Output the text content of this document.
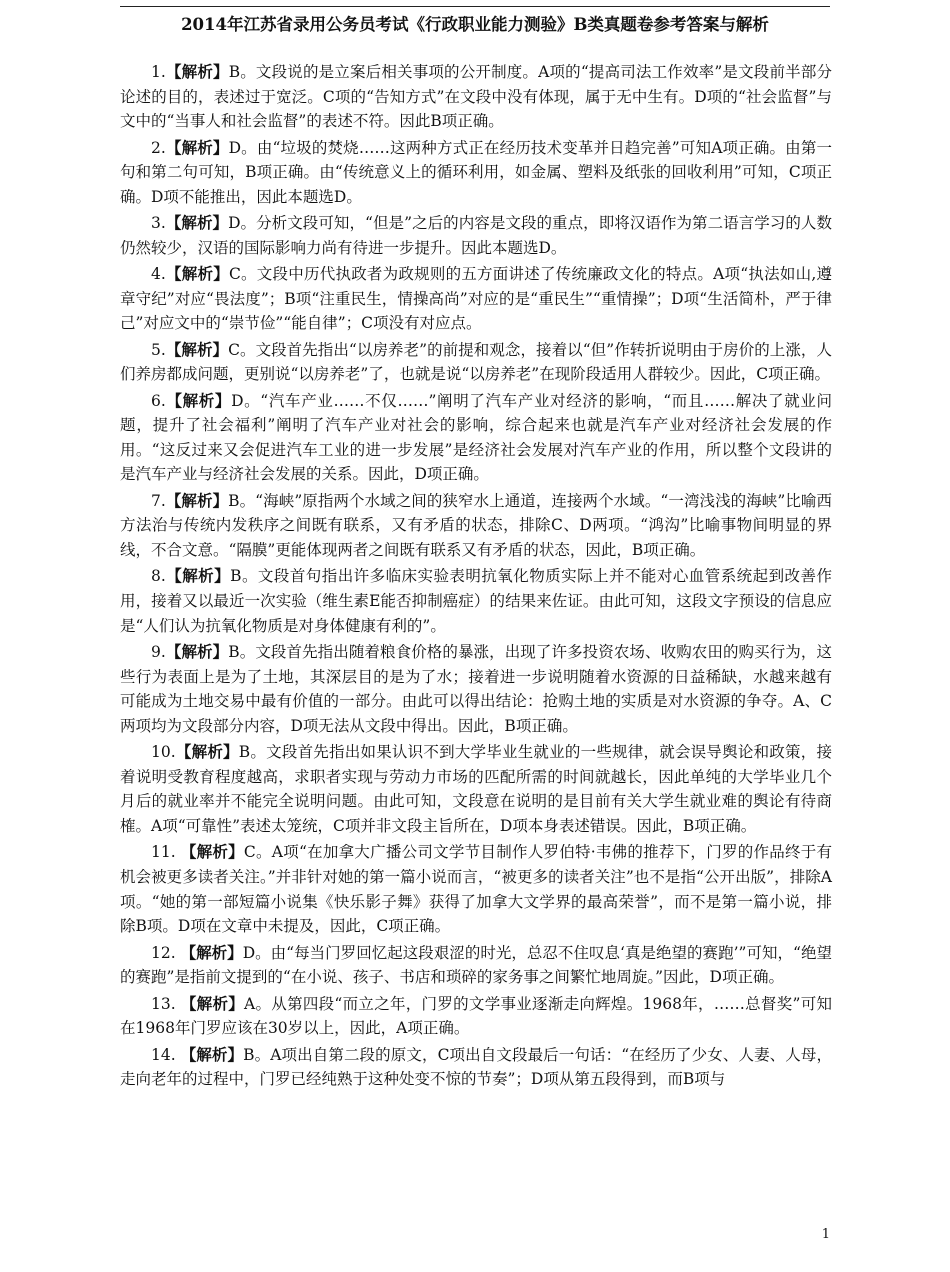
2014年江苏省录用公务员考试《行政职业能力测验》B类真题卷参考答案与解析

1.【解析】B。文段说的是立案后相关事项的公开制度。A项的“提高司法工作效率”是文段前半部分论述的目的，表述过于宽泛。C项的“告知方式”在文段中没有体现，属于无中生有。D项的“社会监督”与文中的“当事人和社会监督”的表述不符。因此B项正确。

2.【解析】D。由“垃圾的焚烧……这两种方式正在经历技术变革并日趋完善”可知A项正确。由第一句和第二句可知，B项正确。由“传统意义上的循环利用，如金属、塑料及纸张的回收利用”可知，C项正确。D项不能推出，因此本题选D。

3.【解析】D。分析文段可知，“但是”之后的内容是文段的重点，即将汉语作为第二语言学习的人数仍然较少，汉语的国际影响力尚有待进一步提升。因此本题选D。

4.【解析】C。文段中历代执政者为政规则的五方面讲述了传统廉政文化的特点。A项“执法如山,遵章守纪”对应“畏法度”；B项“注重民生，情操高尚”对应的是“重民生”“重情操”；D项“生活简朴，严于律己”对应文中的“崇节俭”“能自律”；C项没有对应点。

5.【解析】C。文段首先指出“以房养老”的前提和观念，接着以“但”作转折说明由于房价的上涨，人们养房都成问题，更别说“以房养老”了，也就是说“以房养老”在现阶段适用人群较少。因此，C项正确。

6.【解析】D。“汽车产业……不仅……”阐明了汽车产业对经济的影响，“而且……解决了就业问题，提升了社会福利”阐明了汽车产业对社会的影响，综合起来也就是汽车产业对经济社会发展的作用。“这反过来又会促进汽车工业的进一步发展”是经济社会发展对汽车产业的作用，所以整个文段讲的是汽车产业与经济社会发展的关系。因此，D项正确。

7.【解析】B。“海峡”原指两个水域之间的狭窄水上通道，连接两个水域。“一湾浅浅的海峡”比喻西方法治与传统内发秩序之间既有联系，又有矛盾的状态，排除C、D两项。“鸿沟”比喻事物间明显的界线，不合文意。“隔膜”更能体现两者之间既有联系又有矛盾的状态，因此，B项正确。

8.【解析】B。文段首句指出许多临床实验表明抗氧化物质实际上并不能对心血管系统起到改善作用，接着又以最近一次实验（维生素E能否抑制癌症）的结果来佐证。由此可知，这段文字预设的信息应是“人们认为抗氧化物质是对身体健康有利的”。

9.【解析】B。文段首先指出随着粮食价格的暴涨，出现了许多投资农场、收购农田的购买行为，这些行为表面上是为了土地，其深层目的是为了水；接着进一步说明随着水资源的日益稀缺，水越来越有可能成为土地交易中最有价值的一部分。由此可以得出结论：抢购土地的实质是对水资源的争夺。A、C两项均为文段部分内容，D项无法从文段中得出。因此，B项正确。

10.【解析】B。文段首先指出如果认识不到大学毕业生就业的一些规律，就会误导舆论和政策，接着说明受教育程度越高，求职者实现与劳动力市场的匹配所需的时间就越长，因此单纯的大学毕业几个月后的就业率并不能完全说明问题。由此可知，文段意在说明的是目前有关大学生就业难的舆论有待商榷。A项“可靠性”表述太笼统，C项并非文段主旨所在，D项本身表述错误。因此，B项正确。

11. 【解析】C。A项“在加拿大广播公司文学节目制作人罗伯特·韦佛的推荐下，门罗的作品终于有机会被更多读者关注。”并非针对她的第一篇小说而言，“被更多的读者关注”也不是指“公开出版”，排除A项。“她的第一部短篇小说集《快乐影子舞》获得了加拿大文学界的最高荣誉”，而不是第一篇小说，排除B项。D项在文章中未提及，因此，C项正确。

12. 【解析】D。由“每当门罗回忆起这段艰涩的时光，总忍不住叹息‘真是绝望的赛跑’”可知，“绝望的赛跑”是指前文提到的“在小说、孩子、书店和琐碎的家务事之间繁忙地周旋。”因此，D项正确。

13. 【解析】A。从第四段“而立之年，门罗的文学事业逐渐走向辉煌。1968年，……总督奖”可知在1968年门罗应该在30岁以上，因此，A项正确。

14. 【解析】B。A项出自第二段的原文，C项出自文段最后一句话：“在经历了少女、人妻、人母，走向老年的过程中，门罗已经纯熟于这种处变不惊的节奏”；D项从第五段得到，而B项与

1
